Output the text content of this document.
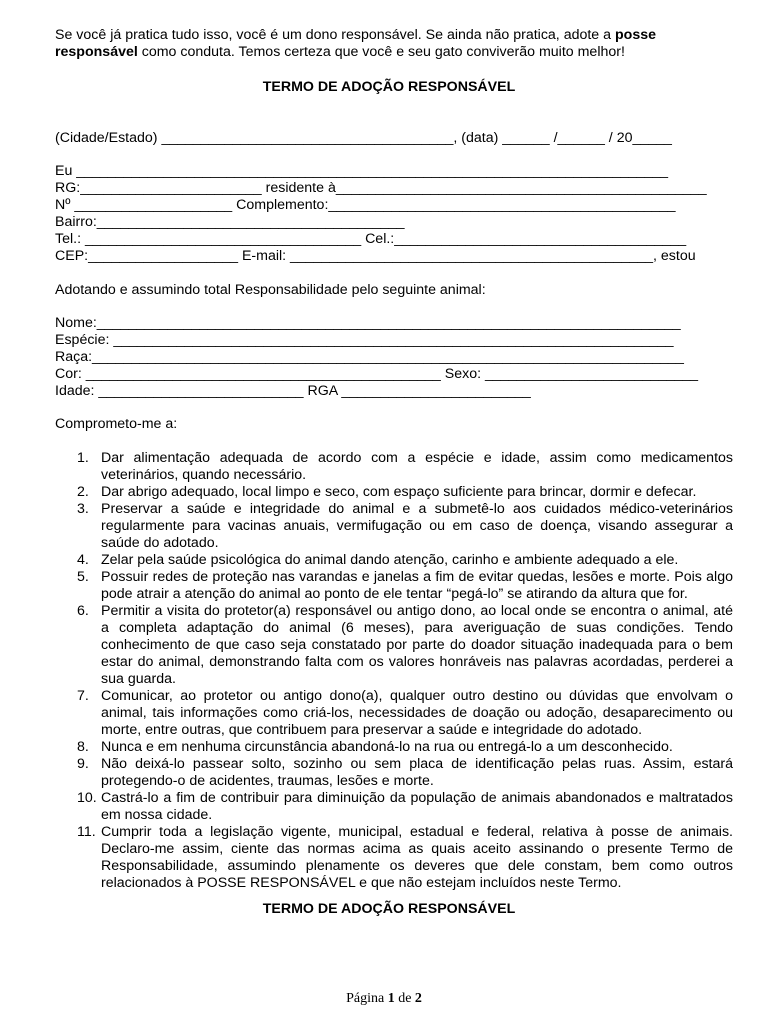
Se você já pratica tudo isso, você é um dono responsável. Se ainda não pratica, adote a posse responsável como conduta. Temos certeza que você e seu gato conviverão muito melhor!

TERMO DE ADOÇÃO RESPONSÁVEL

(Cidade/Estado) _____________________________________, (data) ______ /______ / 20_____

Eu ___________________________________________________________________________
RG:_______________________ residente à_______________________________________________
Nº ____________________ Complemento:____________________________________________
Bairro:_______________________________________
Tel.: ___________________________________ Cel.:_____________________________________
CEP:___________________ E-mail: ______________________________________________, estou

Adotando e assumindo total Responsabilidade pelo seguinte animal:

Nome:__________________________________________________________________________
Espécie: _______________________________________________________________________
Raça:___________________________________________________________________________
Cor: _____________________________________________ Sexo: ___________________________
Idade: __________________________ RGA ________________________

Comprometo-me a:

1. Dar alimentação adequada de acordo com a espécie e idade, assim como medicamentos veterinários, quando necessário.
2. Dar abrigo adequado, local limpo e seco, com espaço suficiente para brincar, dormir e defecar.
3. Preservar a saúde e integridade do animal e a submetê-lo aos cuidados médico-veterinários regularmente para vacinas anuais, vermifugação ou em caso de doença, visando assegurar a saúde do adotado.
4. Zelar pela saúde psicológica do animal dando atenção, carinho e ambiente adequado a ele.
5. Possuir redes de proteção nas varandas e janelas a fim de evitar quedas, lesões e morte. Pois algo pode atrair a atenção do animal ao ponto de ele tentar “pegá-lo” se atirando da altura que for.
6. Permitir a visita do protetor(a) responsável ou antigo dono, ao local onde se encontra o animal, até a completa adaptação do animal (6 meses), para averiguação de suas condições. Tendo conhecimento de que caso seja constatado por parte do doador situação inadequada para o bem estar do animal, demonstrando falta com os valores honráveis nas palavras acordadas, perderei a sua guarda.
7. Comunicar, ao protetor ou antigo dono(a), qualquer outro destino ou dúvidas que envolvam o animal, tais informações como criá-los, necessidades de doação ou adoção, desaparecimento ou morte, entre outras, que contribuem para preservar a saúde e integridade do adotado.
8. Nunca e em nenhuma circunstância abandoná-lo na rua ou entregá-lo a um desconhecido.
9. Não deixá-lo passear solto, sozinho ou sem placa de identificação pelas ruas. Assim, estará protegendo-o de acidentes, traumas, lesões e morte.
10. Castrá-lo a fim de contribuir para diminuição da população de animais abandonados e maltratados em nossa cidade.
11. Cumprir toda a legislação vigente, municipal, estadual e federal, relativa à posse de animais. Declaro-me assim, ciente das normas acima as quais aceito assinando o presente Termo de Responsabilidade, assumindo plenamente os deveres que dele constam, bem como outros relacionados à POSSE RESPONSÁVEL e que não estejam incluídos neste Termo.

TERMO DE ADOÇÃO RESPONSÁVEL

Página 1 de 2
